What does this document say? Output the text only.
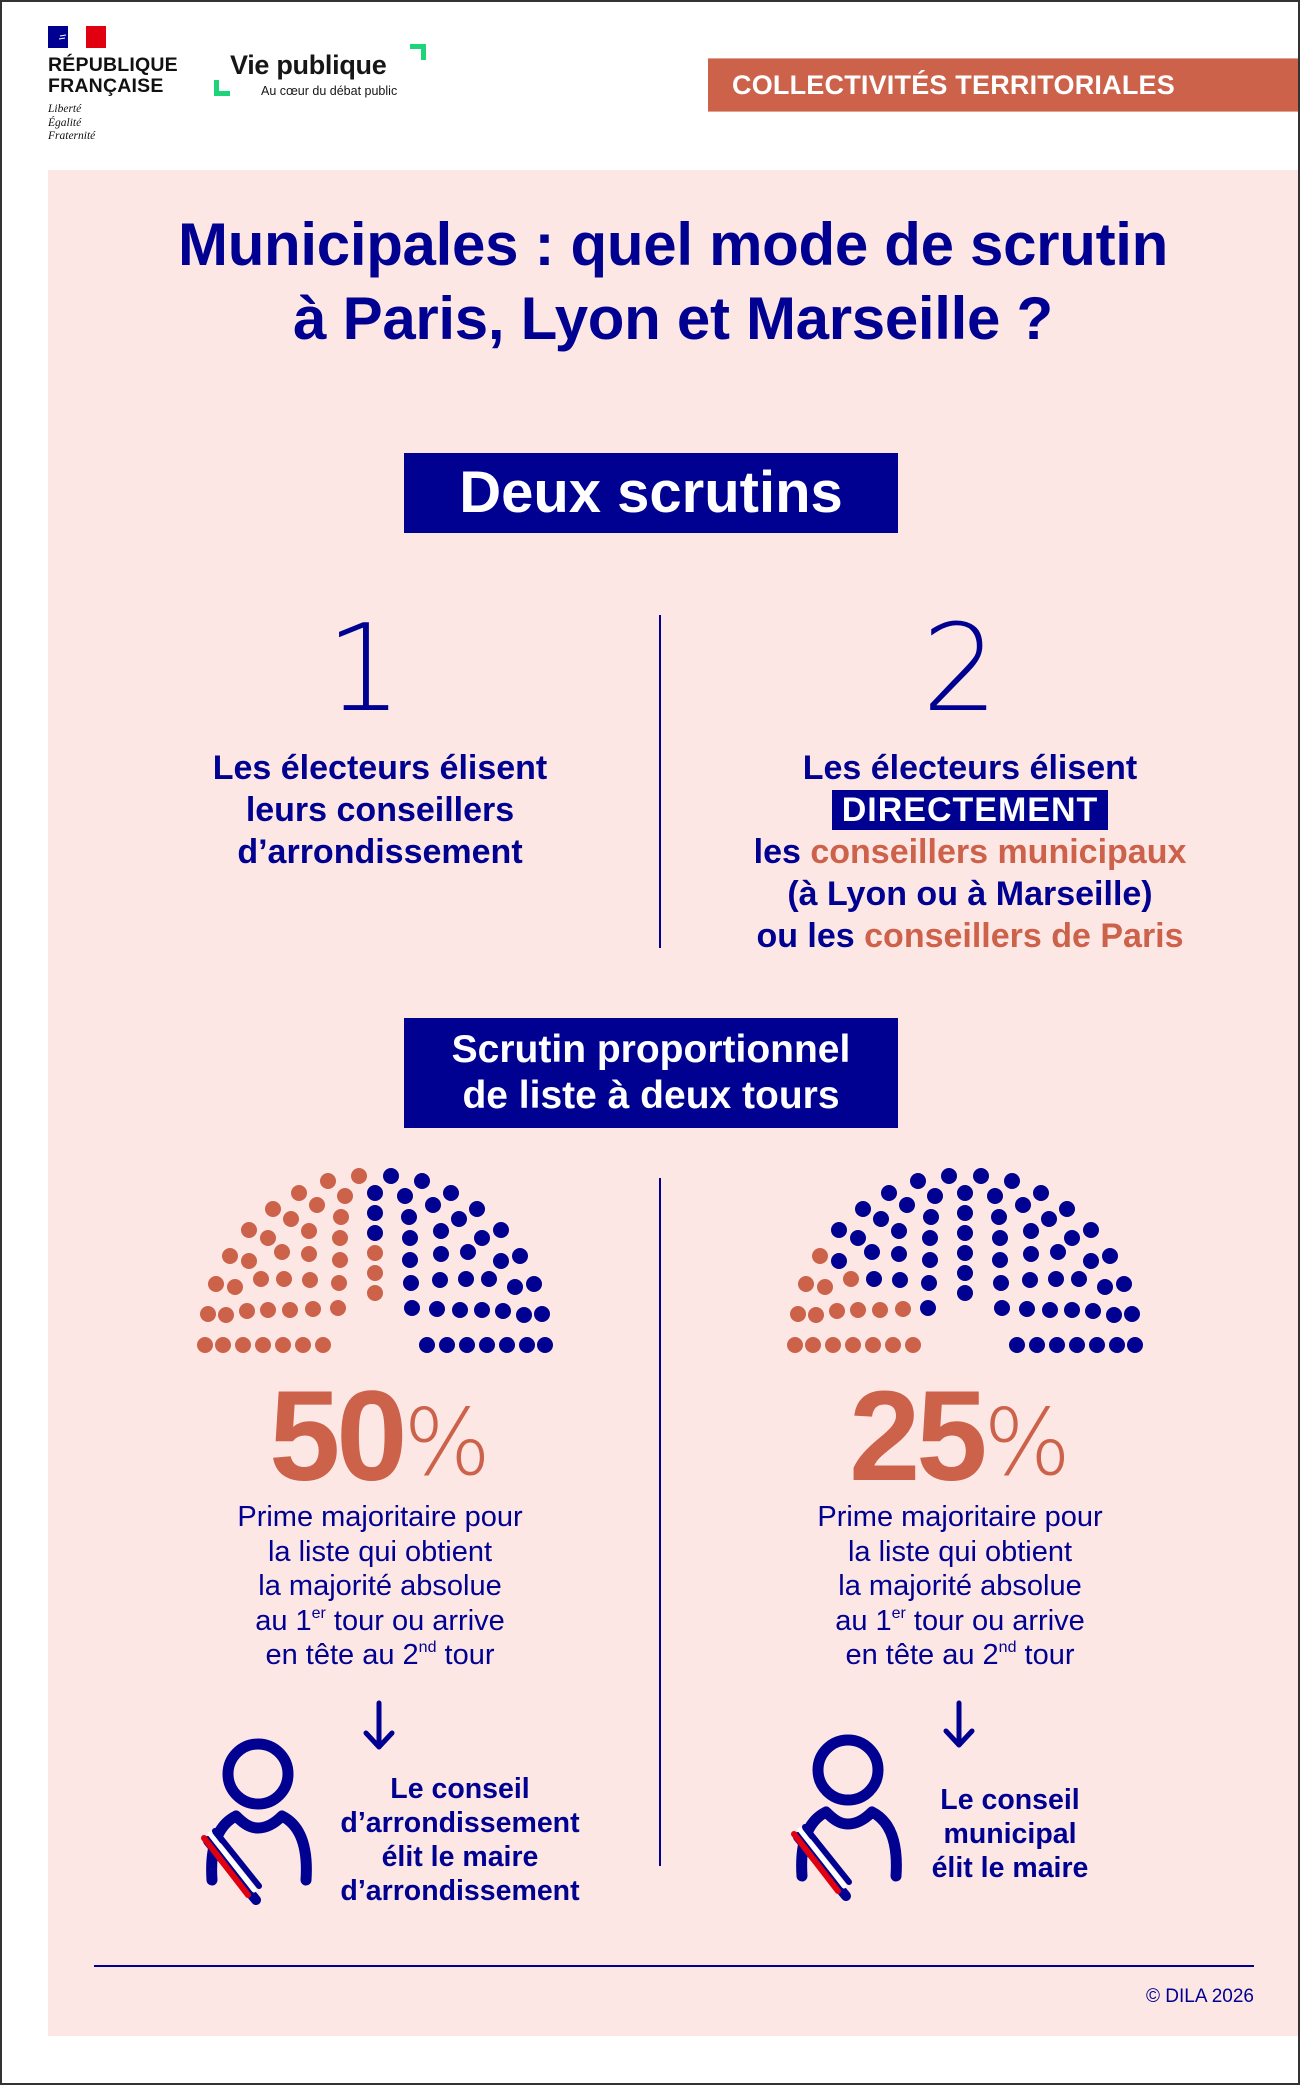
RÉPUBLIQUE
FRANÇAISE
Liberté
Égalité
Fraternité
Vie publique
Au cœur du débat public	COLLECTIVITÉS TERRITORIALES
Municipales : quel mode de scrutin
à Paris, Lyon et Marseille ?
Deux scrutins
1	2
Les électeurs élisent
leurs conseillers
d’arrondissement
Les électeurs élisent
DIRECTEMENT
les conseillers municipaux
(à Lyon ou à Marseille)
ou les conseillers de Paris
Scrutin proportionnel
de liste à deux tours
50%	25%
Prime majoritaire pour
la liste qui obtient
la majorité absolue
au 1er tour ou arrive
en tête au 2nd tour
Prime majoritaire pour
la liste qui obtient
la majorité absolue
au 1er tour ou arrive
en tête au 2nd tour
Le conseil
d’arrondissement
élit le maire
d’arrondissement
Le conseil
municipal
élit le maire
© DILA 2026
